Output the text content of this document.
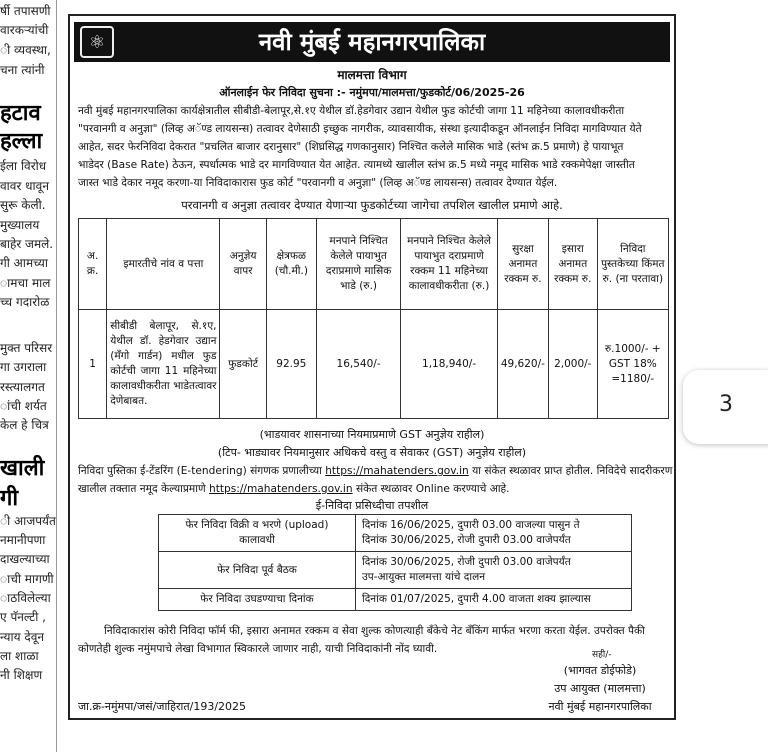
र्षी तपासणी
वारकऱ्यांची
ी व्यवस्था,
चना त्यांनी
हटाव
हल्ला
ईला विरोध
वावर धावून
सुरू केली.
मुख्यालय
बाहेर जमले.
गी आमच्या
ामचा माल
च्च गदारोळ
मुक्त परिसर
गा उगराला
रस्त्यालगत
ांची शर्यत
केल हे चित्र
खाली
गी
ी आजपर्यंत
नमानीपणा
दाखल्याच्या
ाची मागणी
ाठविलेल्या
ए पॅनल्टी ,
न्याय देवून
ला शाळा
नी शिक्षण
⚛	नवी मुंबई महानगरपालिका
मालमत्ता विभाग
ऑनलाईन फेर निविदा सुचना :- नमुंमपा/मालमत्ता/फुडकोर्ट/06/2025-26
नवी मुंबई महानगरपालिका कार्यक्षेत्रातील सीबीडी-बेलापूर,से.१ए येथील डॉ.हेडगेवार उद्यान येथील फुड कोर्टची जागा 11 महिनेच्या कालावधीकरीता
"परवानगी व अनुज्ञा" (लिव्ह अॅण्ड लायसन्स) तत्वावर देणेसाठी इच्छुक नागरीक, व्यावसायीक, संस्था इत्यादीकडून ऑनलाईन निविदा मागविण्यात येते
आहेत, सदर फेरनिविदा देकरात "प्रचलित बाजार दरानुसार" (शिघ्रसिद्ध गणकानुसार) निश्चित कलेले मासिक भाडे (स्तंभ क्र.5 प्रमाणे) हे पायाभूत
भाडेदर (Base Rate) ठेऊन, स्पर्धात्मक भाडे दर मागविण्यात येत आहेत. त्यामध्ये खालील स्तंभ क्र.5 मध्ये नमूद मासिक भाडे रक्कमेपेक्षा जास्तीत
जास्त भाडे देकार नमूद करणा-या निविदाकारास फुड कोर्ट "परवानगी व अनुज्ञा" (लिव्ह अॅण्ड लायसन्स) तत्वावर देण्यात येईल.
परवानगी व अनुज्ञा तत्वावर देण्यात येणाऱ्या फुडकोर्टच्या जागेचा तपशिल खालील प्रमाणे आहे.
अ. क्र.	इमारतीचे नांव व पत्ता	अनुज्ञेय वापर	क्षेत्रफळ (चौ.मी.)	मनपाने निश्चित केलेले पायाभुत दराप्रमाणे मासिक भाडे (रु.)	मनपाने निश्चित केलेले पायाभुत दराप्रमाणे रक्कम 11 महिनेच्या कालावधीकरीता (रु.)	सुरक्षा अनामत रक्कम रु.	इसारा अनामत रक्कम रु.	निविदा पुस्तकेच्या किंमत रु. (ना परतावा)
1	सीबीडी बेलापूर, से.१ए, येथील डॉ. हेडगेवार उद्यान (मॅंगो गार्डन) मधील फुड कोर्टची जागा 11 महिनेच्या कालावधीकरीता भाडेतत्वावर देणेबाबत.	फुडकोर्ट	92.95	16,540/-	1,18,940/-	49,620/-	2,000/-	रु.1000/- + GST 18% =1180/-
(भाडयावर शासनाच्या नियमाप्रमाणे GST अनुज्ञेय राहील)
(टिप- भाड्यावर नियमानुसार अधिकचे वस्तु व सेवाकर (GST) अनुज्ञेय राहील)
निविदा पुस्तिका ई-टेंडरिंग (E-tendering) संगणक प्रणालीच्या https://mahatenders.gov.in या संकेत स्थळावर प्राप्त होतील. निविदेचे सादरीकरण
खालील तक्तात नमूद केल्याप्रमाणे https://mahatenders.gov.in संकेत स्थळावर Online करण्याचे आहे.
ई-निविदा प्रसिध्दीचा तपशील
फेर निविदा विक्री व भरणे (upload)
कालावधी	दिनांक 16/06/2025, दुपारी 03.00 वाजल्या पासुन ते
दिनांक 30/06/2025, रोजी दुपारी 03.00 वाजेपर्यंत
फेर निविदा पूर्व बैठक	दिनांक 30/06/2025, रोजी दुपारी 03.00 वाजेपर्यंत
उप-आयुक्त मालमत्ता यांचे दालन
फेर निविदा उघडण्याचा दिनांक	दिनांक 01/07/2025, दुपारी 4.00 वाजता शक्य झाल्यास
निविदाकारांस कोरी निविदा फॉर्म फी, इसारा अनामत रक्कम व सेवा शुल्क कोणत्याही बँकेचे नेट बँकिंग मार्फत भरणा करता येईल. उपरोक्त पैकी
कोणतेही शुल्क नमुंमपाचे लेखा विभागात स्विकारले जाणार नाही, याची निविदाकांनी नोंद घ्यावी.	सही/-
(भागवत डोईफोडे)
उप आयुक्त (मालमत्ता)
जा.क्र-नमुंमपा/जसं/जाहिरात/193/2025	नवी मुंबई महानगरपालिका
3
